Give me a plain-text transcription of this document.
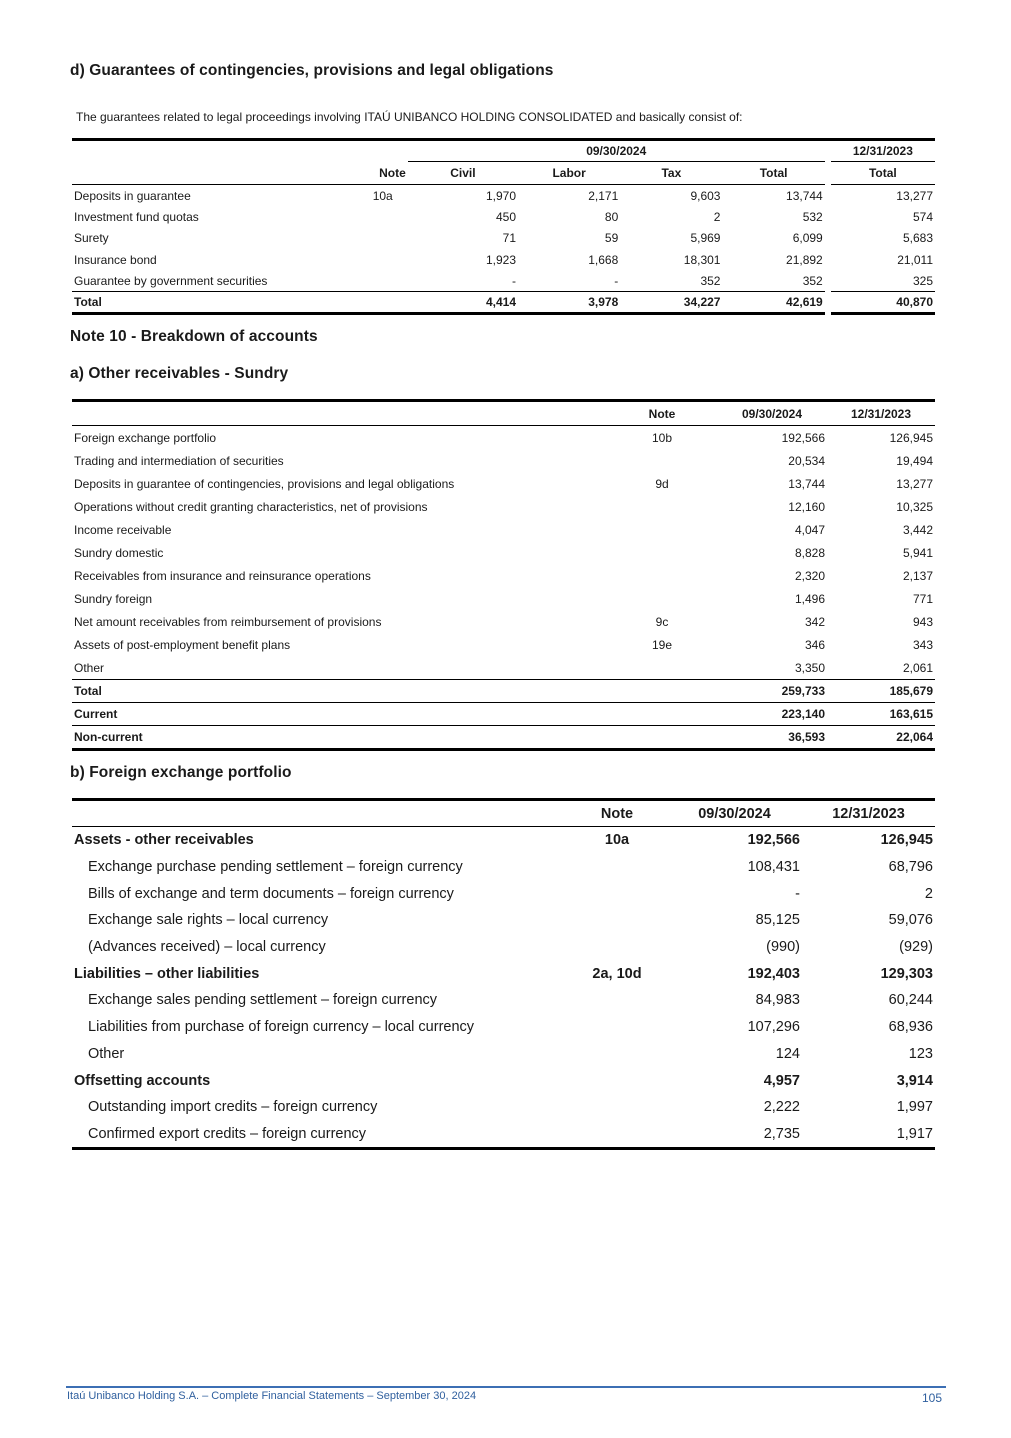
d) Guarantees of contingencies, provisions and legal obligations
The guarantees related to legal proceedings involving ITAÚ UNIBANCO HOLDING CONSOLIDATED and basically consist of:

		09/30/2024					12/31/2023
	Note	Civil	Labor	Tax	Total		Total
Deposits in guarantee	10a	1,970	2,171	9,603	13,744		13,277
Investment fund quotas		450	80	2	532		574
Surety		71	59	5,969	6,099		5,683
Insurance bond		1,923	1,668	18,301	21,892		21,011
Guarantee by government securities		-	-	352	352		325
Total		4,414	3,978	34,227	42,619		40,870
Note 10 - Breakdown of accounts
a) Other receivables - Sundry
	Note	09/30/2024	12/31/2023
Foreign exchange portfolio	10b	192,566	126,945
Trading and intermediation of securities		20,534	19,494
Deposits in guarantee of contingencies, provisions and legal obligations	9d	13,744	13,277
Operations without credit granting characteristics, net of provisions		12,160	10,325
Income receivable		4,047	3,442
Sundry domestic		8,828	5,941
Receivables from insurance and reinsurance operations		2,320	2,137
Sundry foreign		1,496	771
Net amount receivables from reimbursement of provisions	9c	342	943
Assets of post-employment benefit plans	19e	346	343
Other		3,350	2,061
Total		259,733	185,679
Current		223,140	163,615
Non-current		36,593	22,064
b) Foreign exchange portfolio
	Note	09/30/2024	12/31/2023
Assets - other receivables	10a	192,566	126,945
Exchange purchase pending settlement – foreign currency		108,431	68,796
Bills of exchange and term documents – foreign currency		-	2
Exchange sale rights – local currency		85,125	59,076
(Advances received) – local currency		(990)	(929)
Liabilities – other liabilities	2a, 10d	192,403	129,303
Exchange sales pending settlement – foreign currency		84,983	60,244
Liabilities from purchase of foreign currency – local currency		107,296	68,936
Other		124	123
Offsetting accounts		4,957	3,914
Outstanding import credits – foreign currency		2,222	1,997
Confirmed export credits – foreign currency		2,735	1,917
Itaú Unibanco Holding S.A. – Complete Financial Statements – September 30, 2024	105
